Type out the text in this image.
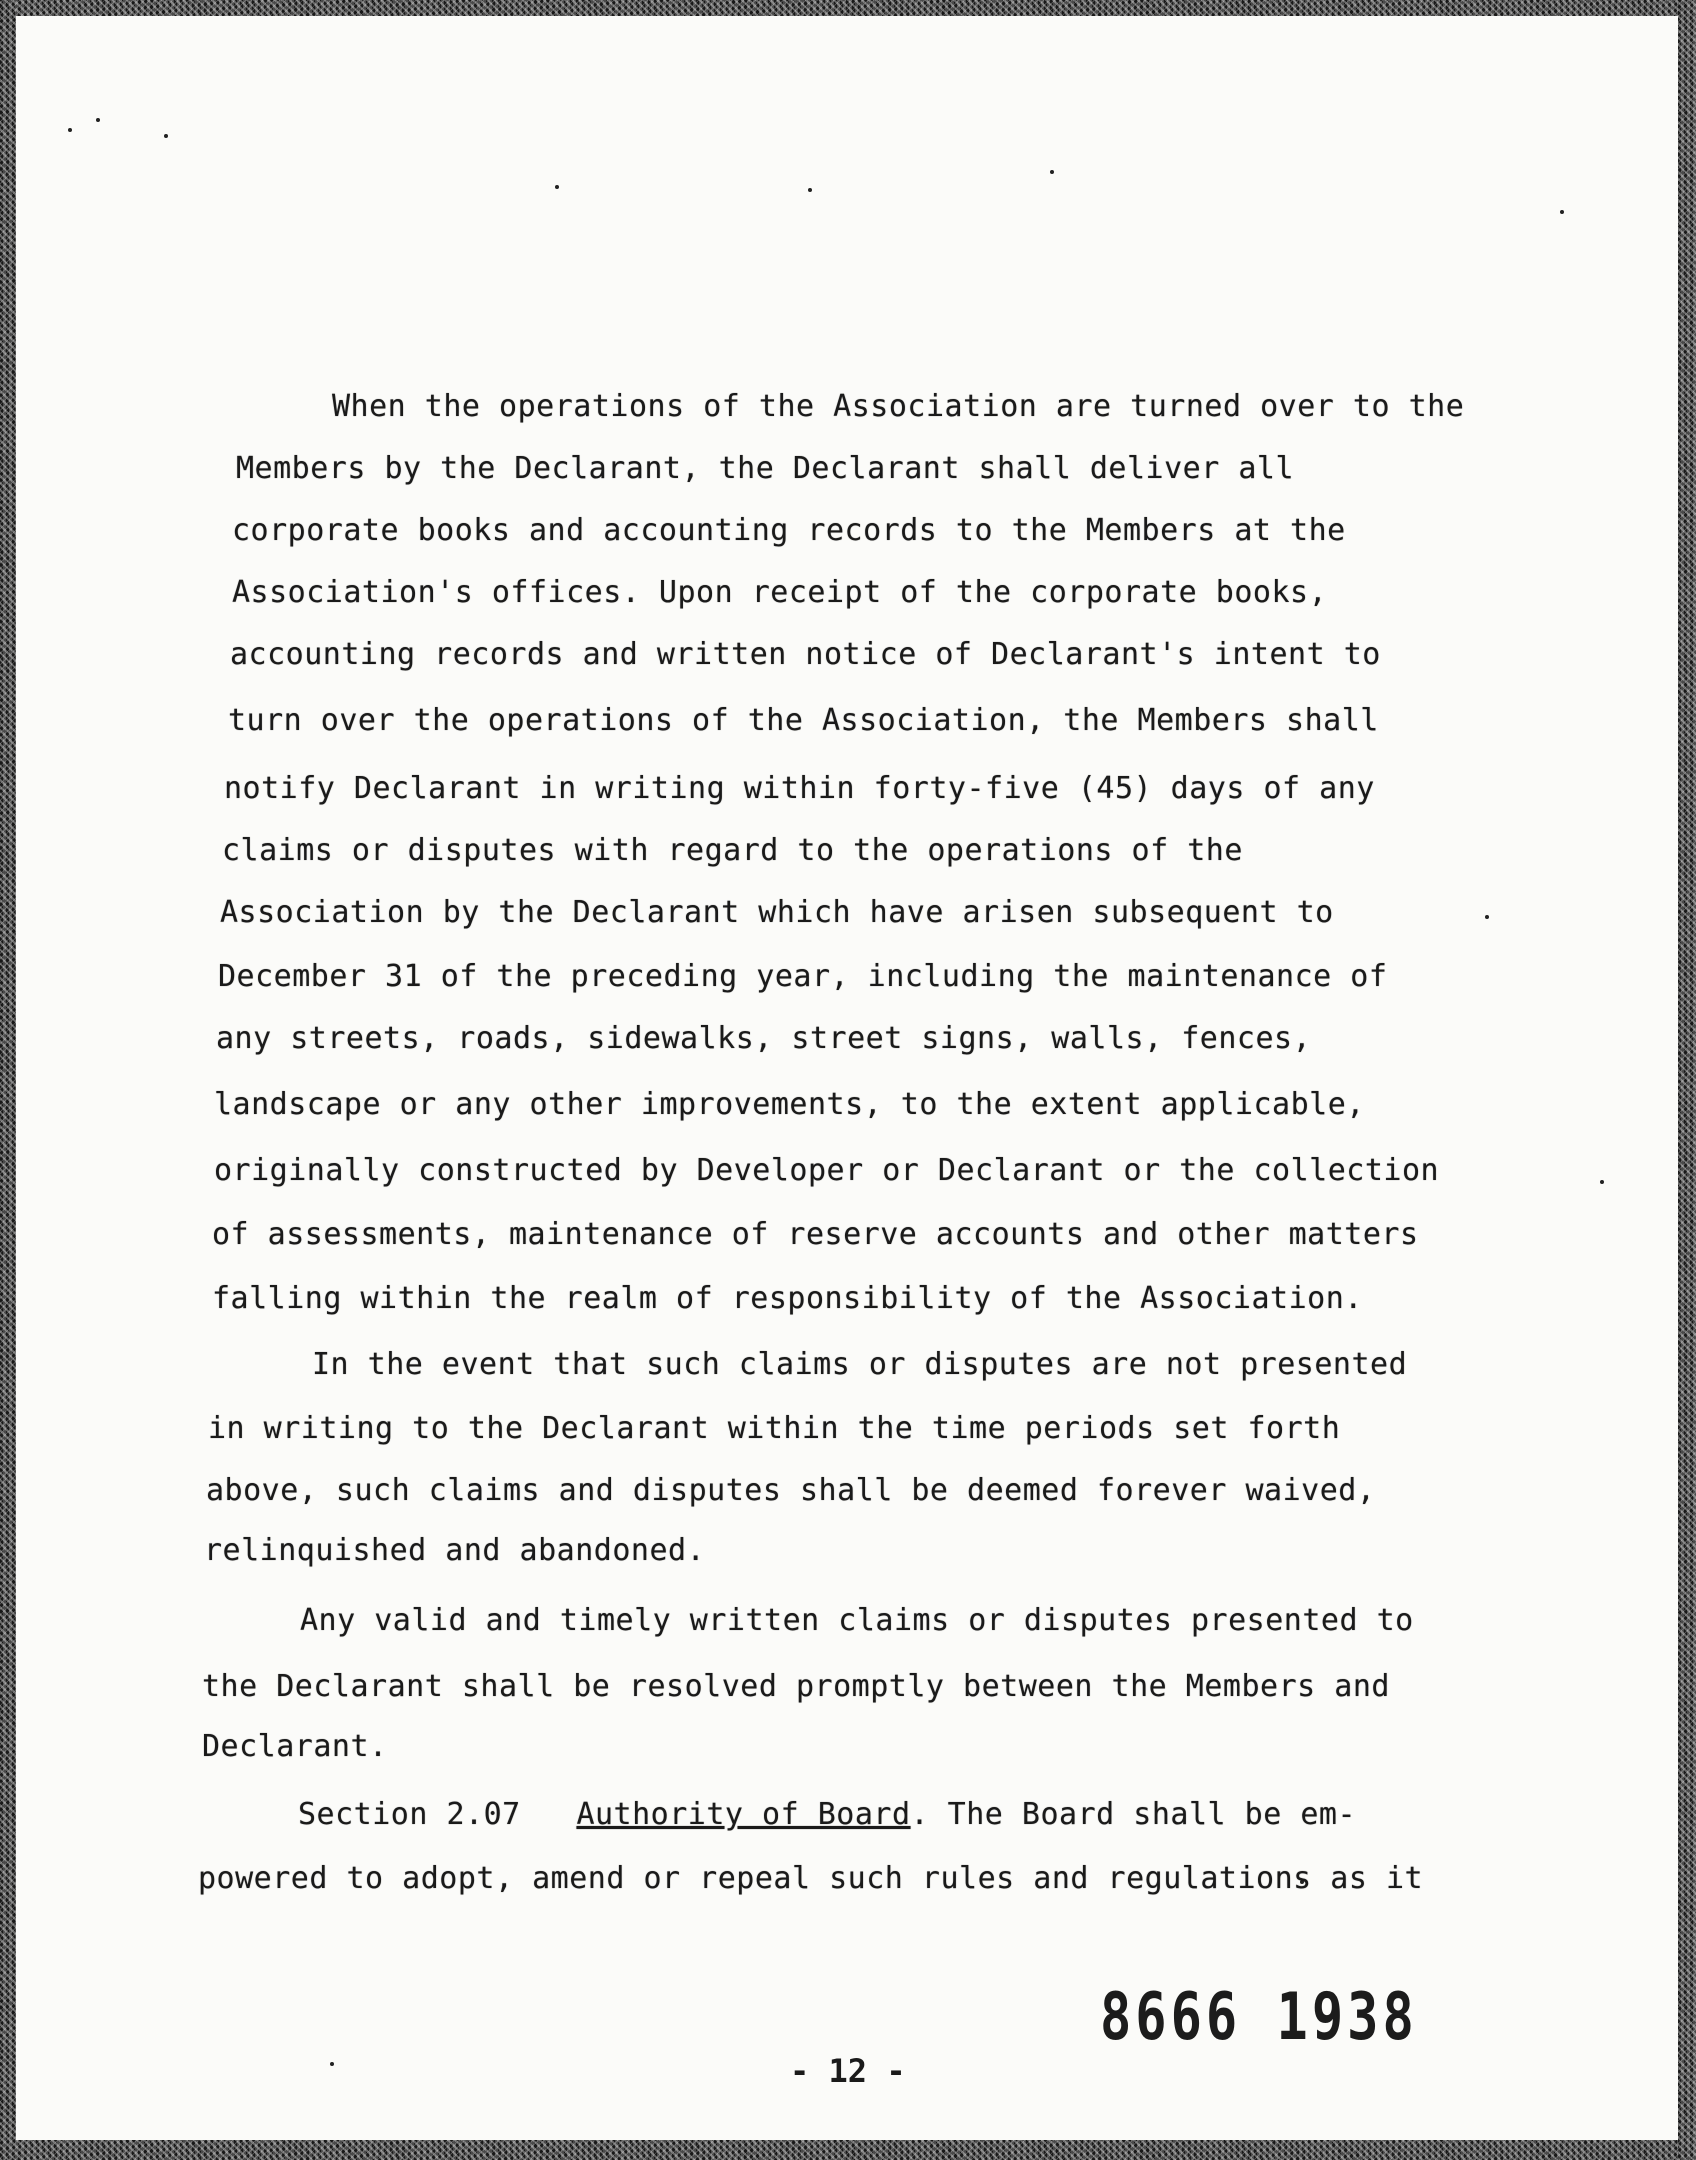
When the operations of the Association are turned over to the
Members by the Declarant, the Declarant shall deliver all
corporate books and accounting records to the Members at the
Association's offices. Upon receipt of the corporate books,
accounting records and written notice of Declarant's intent to
turn over the operations of the Association, the Members shall
notify Declarant in writing within forty-five (45) days of any
claims or disputes with regard to the operations of the
Association by the Declarant which have arisen subsequent to
December 31 of the preceding year, including the maintenance of
any streets, roads, sidewalks, street signs, walls, fences,
landscape or any other improvements, to the extent applicable,
originally constructed by Developer or Declarant or the collection
of assessments, maintenance of reserve accounts and other matters
falling within the realm of responsibility of the Association.
In the event that such claims or disputes are not presented
in writing to the Declarant within the time periods set forth
above, such claims and disputes shall be deemed forever waived,
relinquished and abandoned.
Any valid and timely written claims or disputes presented to
the Declarant shall be resolved promptly between the Members and
Declarant.
Section 2.07 Authority of Board. The Board shall be em-
powered to adopt, amend or repeal such rules and regulations as it
8666 1938
- 12 -
